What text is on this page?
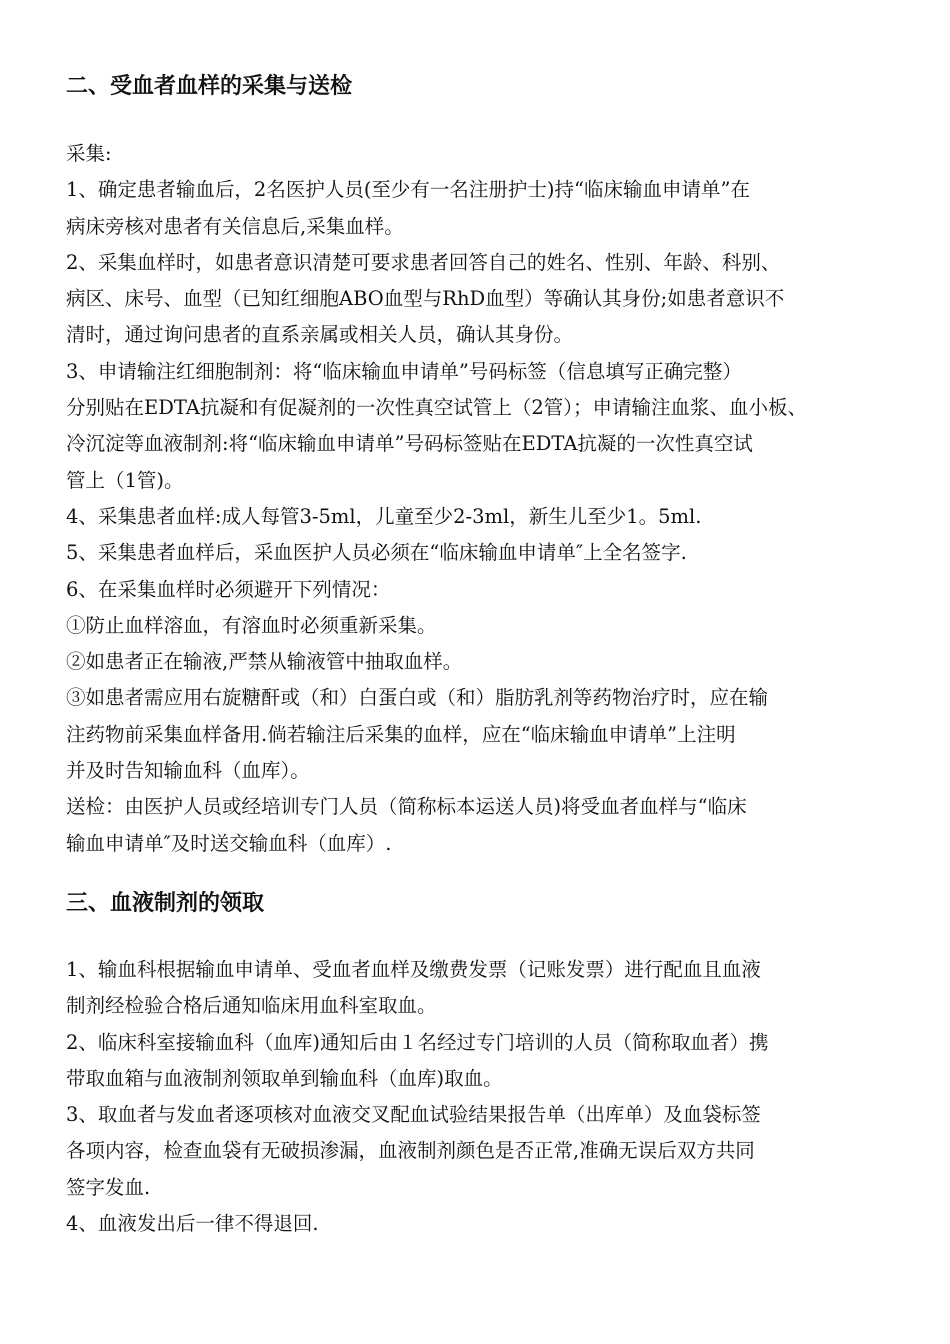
二、受血者血样的采集与送检
采集:
1、确定患者输血后，2名医护人员(至少有一名注册护士)持“临床输血申请单”在
病床旁核对患者有关信息后,采集血样。
2、采集血样时，如患者意识清楚可要求患者回答自己的姓名、性别、年龄、科别、
病区、床号、血型（已知红细胞ABO血型与RhD血型）等确认其身份;如患者意识不
清时，通过询问患者的直系亲属或相关人员，确认其身份。
3、申请输注红细胞制剂：将“临床输血申请单”号码标签（信息填写正确完整）
分别贴在EDTA抗凝和有促凝剂的一次性真空试管上（2管）；申请输注血浆、血小板、
冷沉淀等血液制剂:将“临床输血申请单”号码标签贴在EDTA抗凝的一次性真空试
管上（1管)。
4、采集患者血样:成人每管3-5ml，儿童至少2-3ml，新生儿至少1。5ml.
5、采集患者血样后，采血医护人员必须在“临床输血申请单″上全名签字.
6、在采集血样时必须避开下列情况：
①防止血样溶血，有溶血时必须重新采集。
②如患者正在输液,严禁从输液管中抽取血样。
③如患者需应用右旋糖酐或（和）白蛋白或（和）脂肪乳剂等药物治疗时，应在输
注药物前采集血样备用.倘若输注后采集的血样，应在“临床输血申请单”上注明
并及时告知输血科（血库）。
送检：由医护人员或经培训专门人员（简称标本运送人员)将受血者血样与“临床
输血申请单″及时送交输血科（血库）.
三、血液制剂的领取
1、输血科根据输血申请单、受血者血样及缴费发票（记账发票）进行配血且血液
制剂经检验合格后通知临床用血科室取血。
2、临床科室接输血科（血库)通知后由１名经过专门培训的人员（简称取血者）携
带取血箱与血液制剂领取单到输血科（血库)取血。
3、取血者与发血者逐项核对血液交叉配血试验结果报告单（出库单）及血袋标签
各项内容，检查血袋有无破损渗漏，血液制剂颜色是否正常,准确无误后双方共同
签字发血.
4、血液发出后一律不得退回.
